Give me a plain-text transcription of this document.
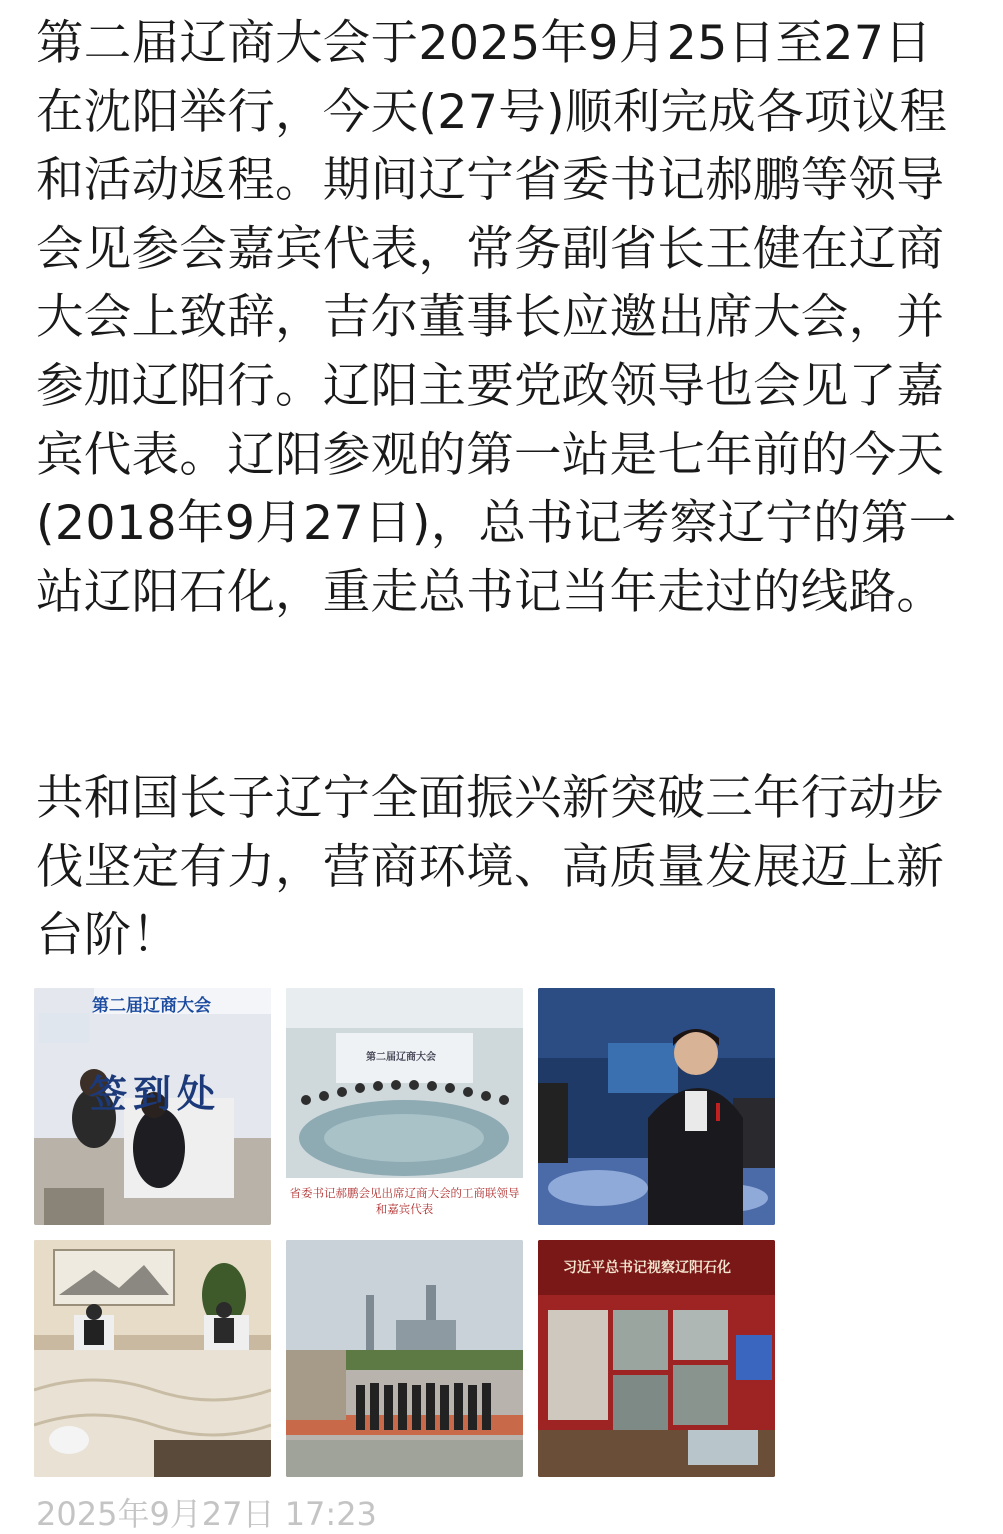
第二届辽商大会于2025年9月25日至27日在沈阳举行，今天(27号)顺利完成各项议程和活动返程。期间辽宁省委书记郝鹏等领导会见参会嘉宾代表，常务副省长王健在辽商大会上致辞，吉尔董事长应邀出席大会，并参加辽阳行。辽阳主要党政领导也会见了嘉宾代表。辽阳参观的第一站是七年前的今天(2018年9月27日)，总书记考察辽宁的第一站辽阳石化，重走总书记当年走过的线路。

共和国长子辽宁全面振兴新突破三年行动步伐坚定有力，营商环境、高质量发展迈上新台阶！

第二届辽商大会
签到处
第二届辽商大会
省委书记郝鹏会见出席辽商大会的工商联领导和嘉宾代表
习近平总书记视察辽阳石化
2025年9月27日 17:23
